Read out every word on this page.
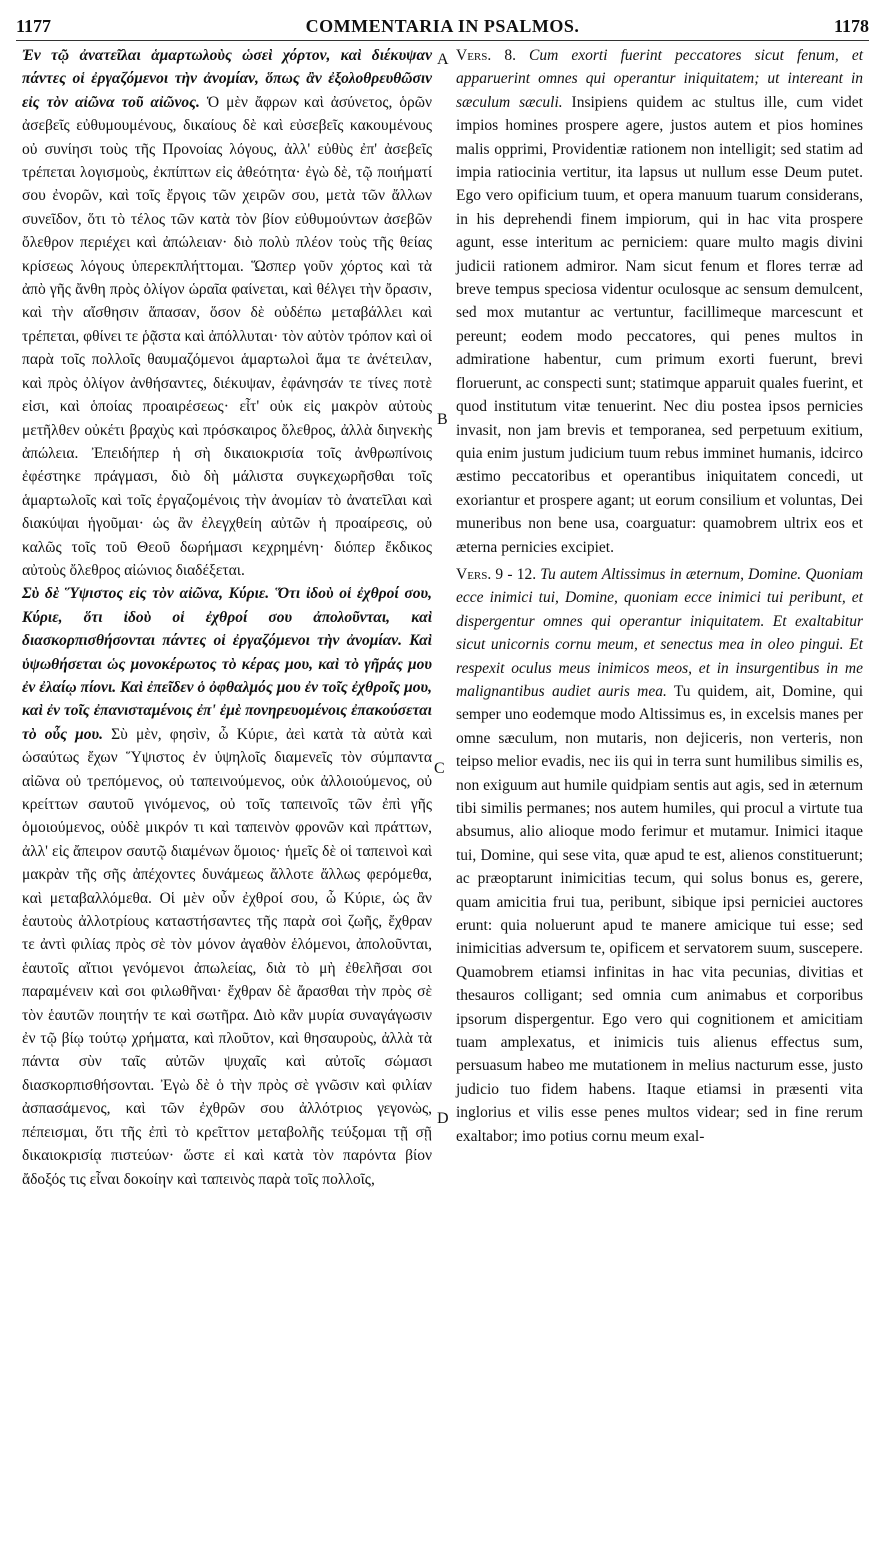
1177	COMMENTARIA IN PSALMOS.	1178

Ἐν τῷ ἀνατεῖλαι ἁμαρτωλοὺς ὡσεὶ χόρτον, καὶ διέκυψαν πάντες οἱ ἐργαζόμενοι τὴν ἀνομίαν, ὅπως ἂν ἐξολοθρευθῶσιν εἰς τὸν αἰῶνα τοῦ αἰῶνος. Ὁ μὲν ἄφρων καὶ ἀσύνετος, ὁρῶν ἀσεβεῖς εὐθυμουμένους, δικαίους δὲ καὶ εὐσεβεῖς κακουμένους οὐ συνίησι τοὺς τῆς Προνοίας λόγους, ἀλλ' εὐθὺς ἐπ' ἀσεβεῖς τρέπεται λογισμοὺς, ἐκπίπτων εἰς ἀθεότητα· ἐγὼ δὲ, τῷ ποιήματί σου ἐνορῶν, καὶ τοῖς ἔργοις τῶν χειρῶν σου, μετὰ τῶν ἄλλων συνεῖδον, ὅτι τὸ τέλος τῶν κατὰ τὸν βίον εὐθυμούντων ἀσεβῶν ὄλεθρον περιέχει καὶ ἀπώλειαν· διὸ πολὺ πλέον τοὺς τῆς θείας κρίσεως λόγους ὑπερεκπλήττομαι. Ὥσπερ γοῦν χόρτος καὶ τὰ ἀπὸ γῆς ἄνθη πρὸς ὀλίγον ὡραῖα φαίνεται, καὶ θέλγει τὴν ὄρασιν, καὶ τὴν αἴσθησιν ἅπασαν, ὅσον δὲ οὐδέπω μεταβάλλει καὶ τρέπεται, φθίνει τε ῥᾷστα καὶ ἀπόλλυται· τὸν αὐτὸν τρόπον καὶ οἱ παρὰ τοῖς πολλοῖς θαυμαζόμενοι ἁμαρτωλοὶ ἅμα τε ἀνέτειλαν, καὶ πρὸς ὀλίγον ἀνθήσαντες, διέκυψαν, ἐφάνησάν τε τίνες ποτὲ εἰσι, καὶ ὁποίας προαιρέσεως· εἶτ' οὐκ εἰς μακρὸν αὐτοὺς μετῆλθεν οὐκέτι βραχὺς καὶ πρόσκαιρος ὄλεθρος, ἀλλὰ διηνεκὴς ἀπώλεια. Ἐπειδήπερ ἡ σὴ δικαιοκρισία τοῖς ἀνθρωπίνοις ἐφέστηκε πράγμασι, διὸ δὴ μάλιστα συγκεχωρῆσθαι τοῖς ἁμαρτωλοῖς καὶ τοῖς ἐργαζομένοις τὴν ἀνομίαν τὸ ἀνατεῖλαι καὶ διακύψαι ἡγοῦμαι· ὡς ἂν ἐλεγχθείη αὐτῶν ἡ προαίρεσις, οὐ καλῶς τοῖς τοῦ Θεοῦ δωρήμασι κεχρημένη· διόπερ ἔκδικος αὐτοὺς ὄλεθρος αἰώνιος διαδέξεται.

Σὺ δὲ Ὕψιστος εἰς τὸν αἰῶνα, Κύριε. Ὅτι ἰδοὺ οἱ ἐχθροί σου, Κύριε, ὅτι ἰδοὺ οἱ ἐχθροί σου ἀπολοῦνται, καὶ διασκορπισθήσονται πάντες οἱ ἐργαζόμενοι τὴν ἀνομίαν. Καὶ ὑψωθήσεται ὡς μονοκέρωτος τὸ κέρας μου, καὶ τὸ γῆράς μου ἐν ἐλαίῳ πίονι. Καὶ ἐπεῖδεν ὁ ὀφθαλμός μου ἐν τοῖς ἐχθροῖς μου, καὶ ἐν τοῖς ἐπανισταμένοις ἐπ' ἐμὲ πονηρευομένοις ἐπακούσεται τὸ οὖς μου. Σὺ μὲν, φησὶν, ὦ Κύριε, ἀεὶ κατὰ τὰ αὐτὰ καὶ ὡσαύτως ἔχων Ὕψιστος ἐν ὑψηλοῖς διαμενεῖς τὸν σύμπαντα αἰῶνα οὐ τρεπόμενος, οὐ ταπεινούμενος, οὐκ ἀλλοιούμενος, οὐ κρείττων σαυτοῦ γινόμενος, οὐ τοῖς ταπεινοῖς τῶν ἐπὶ γῆς ὁμοιούμενος, οὐδὲ μικρόν τι καὶ ταπεινὸν φρονῶν καὶ πράττων, ἀλλ' εἰς ἄπειρον σαυτῷ διαμένων ὅμοιος· ἡμεῖς δὲ οἱ ταπεινοὶ καὶ μακρὰν τῆς σῆς ἀπέχοντες δυνάμεως ἄλλοτε ἄλλως φερόμεθα, καὶ μεταβαλλόμεθα. Οἱ μὲν οὖν ἐχθροί σου, ὦ Κύριε, ὡς ἂν ἑαυτοὺς ἀλλοτρίους καταστήσαντες τῆς παρὰ σοὶ ζωῆς, ἔχθραν τε ἀντὶ φιλίας πρὸς σὲ τὸν μόνον ἀγαθὸν ἑλόμενοι, ἀπολοῦνται, ἑαυτοῖς αἴτιοι γενόμενοι ἀπωλείας, διὰ τὸ μὴ ἐθελῆσαι σοι παραμένειν καὶ σοι φιλωθῆναι· ἔχθραν δὲ ἄρασθαι τὴν πρὸς σὲ τὸν ἑαυτῶν ποιητήν τε καὶ σωτῆρα. Διὸ κἂν μυρία συναγάγωσιν ἐν τῷ βίῳ τούτῳ χρήματα, καὶ πλοῦτον, καὶ θησαυροὺς, ἀλλὰ τὰ πάντα σὺν ταῖς αὐτῶν ψυχαῖς καὶ αὐτοῖς σώμασι διασκορπισθήσονται. Ἐγὼ δὲ ὁ τὴν πρὸς σὲ γνῶσιν καὶ φιλίαν ἀσπασάμενος, καὶ τῶν ἐχθρῶν σου ἀλλότριος γεγονὼς, πέπεισμαι, ὅτι τῆς ἐπὶ τὸ κρεῖττον μεταβολῆς τεύξομαι τῇ σῇ δικαιοκρισίᾳ πιστεύων· ὥστε εἰ καὶ κατὰ τὸν παρόντα βίον ἄδοξός τις εἶναι δοκοίην καὶ ταπεινὸς παρὰ τοῖς πολλοῖς,

Vers. 8. Cum exorti fuerint peccatores sicut fenum, et apparuerint omnes qui operantur iniquitatem; ut intereant in sæculum sæculi. Insipiens quidem ac stultus ille, cum videt impios homines prospere agere, justos autem et pios homines malis opprimi, Providentiæ rationem non intelligit; sed statim ad impia ratiocinia vertitur, ita lapsus ut nullum esse Deum putet. Ego vero opificium tuum, et opera manuum tuarum considerans, in his deprehendi finem impiorum, qui in hac vita prospere agunt, esse interitum ac perniciem: quare multo magis divini judicii rationem admiror. Nam sicut fenum et flores terræ ad breve tempus speciosa videntur oculosque ac sensum demulcent, sed mox mutantur ac vertuntur, facillimeque marcescunt et pereunt; eodem modo peccatores, qui penes multos in admiratione habentur, cum primum exorti fuerunt, brevi floruerunt, ac conspecti sunt; statimque apparuit quales fuerint, et quod institutum vitæ tenuerint. Nec diu postea ipsos pernicies invasit, non jam brevis et temporanea, sed perpetuum exitium, quia enim justum judicium tuum rebus imminet humanis, idcirco æstimo peccatoribus et operantibus iniquitatem concedi, ut exoriantur et prospere agant; ut eorum consilium et voluntas, Dei muneribus non bene usa, coarguatur: quamobrem ultrix eos et æterna pernicies excipiet.

Vers. 9 - 12. Tu autem Altissimus in æternum, Domine. Quoniam ecce inimici tui, Domine, quoniam ecce inimici tui peribunt, et dispergentur omnes qui operantur iniquitatem. Et exaltabitur sicut unicornis cornu meum, et senectus mea in oleo pingui. Et respexit oculus meus inimicos meos, et in insurgentibus in me malignantibus audiet auris mea. Tu quidem, ait, Domine, qui semper uno eodemque modo Altissimus es, in excelsis manes per omne sæculum, non mutaris, non dejiceris, non verteris, non teipso melior evadis, nec iis qui in terra sunt humilibus similis es, non exiguum aut humile quidpiam sentis aut agis, sed in æternum tibi similis permanes; nos autem humiles, qui procul a virtute tua absumus, alio alioque modo ferimur et mutamur. Inimici itaque tui, Domine, qui sese vita, quæ apud te est, alienos constituerunt; ac præoptarunt inimicitias tecum, qui solus bonus es, gerere, quam amicitia frui tua, peribunt, sibique ipsi perniciei auctores erunt: quia noluerunt apud te manere amicique tui esse; sed inimicitias adversum te, opificem et servatorem suum, suscepere. Quamobrem etiamsi infinitas in hac vita pecunias, divitias et thesauros colligant; sed omnia cum animabus et corporibus ipsorum dispergentur. Ego vero qui cognitionem et amicitiam tuam amplexatus, et inimicis tuis alienus effectus sum, persuasum habeo me mutationem in melius nacturum esse, justo judicio tuo fidem habens. Itaque etiamsi in præsenti vita inglorius et vilis esse penes multos videar; sed in fine rerum exaltabor; imo potius cornu meum exal-

A
B
C
D
